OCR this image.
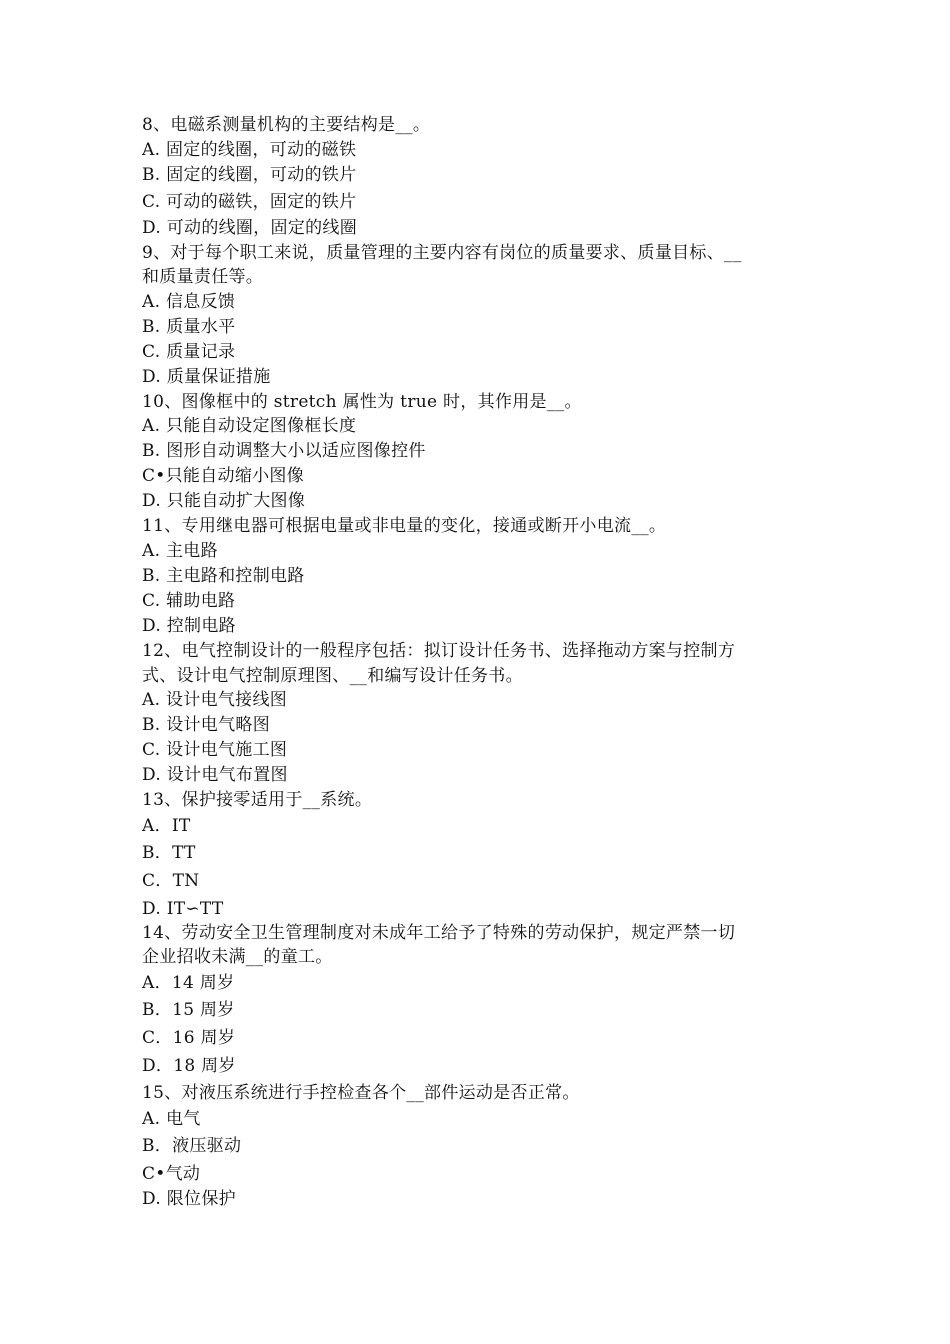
8、电磁系测量机构的主要结构是__。
A. 固定的线圈，可动的磁铁
B. 固定的线圈，可动的铁片
C. 可动的磁铁，固定的铁片
D. 可动的线圈，固定的线圈
9、对于每个职工来说，质量管理的主要内容有岗位的质量要求、质量目标、__
和质量责任等。
A. 信息反馈
B. 质量水平
C. 质量记录
D. 质量保证措施
10、图像框中的 stretch 属性为 true 时，其作用是__。
A. 只能自动设定图像框长度
B. 图形自动调整大小以适应图像控件
C•只能自动缩小图像
D. 只能自动扩大图像
11、专用继电器可根据电量或非电量的变化，接通或断开小电流__。
A. 主电路
B. 主电路和控制电路
C. 辅助电路
D. 控制电路
12、电气控制设计的一般程序包括：拟订设计任务书、选择拖动方案与控制方
式、设计电气控制原理图、__和编写设计任务书。
A. 设计电气接线图
B. 设计电气略图
C. 设计电气施工图
D. 设计电气布置图
13、保护接零适用于__系统。
A．IT
B．TT
C．TN
D. IT∽TT
14、劳动安全卫生管理制度对未成年工给予了特殊的劳动保护，规定严禁一切
企业招收未满__的童工。
A．14 周岁
B．15 周岁
C．16 周岁
D．18 周岁
15、对液压系统进行手控检查各个__部件运动是否正常。
A. 电气
B．液压驱动
C•气动
D. 限位保护
